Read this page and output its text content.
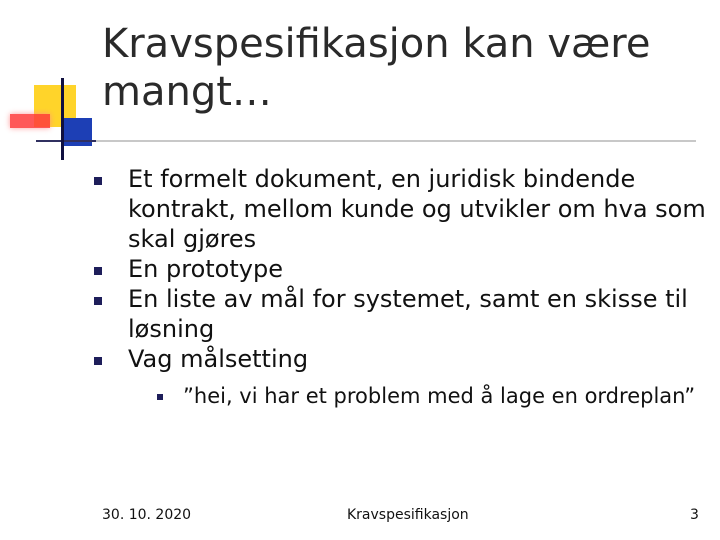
Kravspesifikasjon kan være mangt…
Et formelt dokument, en juridisk bindende kontrakt, mellom kunde og utvikler om hva som skal gjøres
En prototype
En liste av mål for systemet, samt en skisse til løsning
Vag målsetting
”hei, vi har et problem med å lage en ordreplan”
30. 10. 2020	Kravspesifikasjon	3
